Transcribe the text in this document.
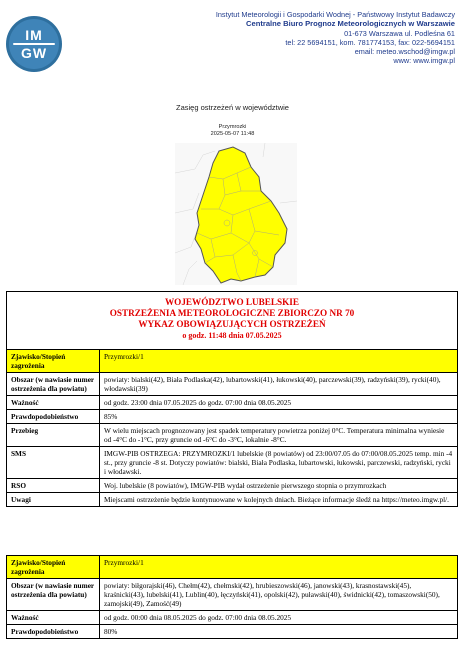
IM
GW
Instytut Meteorologii i Gospodarki Wodnej - Państwowy Instytut Badawczy
Centralne Biuro Prognoz Meteorologicznych w Warszawie
01-673 Warszawa ul. Podleśna 61
tel: 22 5694151, kom. 781774153, fax: 022-5694151
email: meteo.wschod@imgw.pl
www: www.imgw.pl
Zasięg ostrzeżeń w województwie
Przymrozki
2025-05-07 11:48
WOJEWÓDZTWO LUBELSKIE
OSTRZEŻENIA METEOROLOGICZNE ZBIORCZO NR 70
WYKAZ OBOWIĄZUJĄCYCH OSTRZEŻEŃ
o godz. 11:48 dnia 07.05.2025
Zjawisko/Stopień zagrożenia	Przymrozki/1
Obszar (w nawiasie numer ostrzeżenia dla powiatu)	powiaty: bialski(42), Biała Podlaska(42), lubartowski(41), łukowski(40), parczewski(39), radzyński(39), rycki(40), włodawski(39)
Ważność	od godz. 23:00 dnia 07.05.2025 do godz. 07:00 dnia 08.05.2025
Prawdopodobieństwo	85%
Przebieg	W wielu miejscach prognozowany jest spadek temperatury powietrza poniżej 0°C. Temperatura minimalna wyniesie od -4°C do -1°C, przy gruncie od -6°C do -3°C, lokalnie -8°C.
SMS	IMGW-PIB OSTRZEGA: PRZYMROZKI/1 lubelskie (8 powiatów) od 23:00/07.05 do 07:00/08.05.2025 temp. min -4 st., przy gruncie -8 st. Dotyczy powiatów: bialski, Biała Podlaska, lubartowski, łukowski, parczewski, radzyński, rycki i włodawski.
RSO	Woj. lubelskie (8 powiatów), IMGW-PIB wydał ostrzeżenie pierwszego stopnia o przymrozkach
Uwagi	Miejscami ostrzeżenie będzie kontynuowane w kolejnych dniach. Bieżące informacje śledź na https://meteo.imgw.pl/.
Zjawisko/Stopień zagrożenia	Przymrozki/1
Obszar (w nawiasie numer ostrzeżenia dla powiatu)	powiaty: biłgorajski(46), Chełm(42), chełmski(42), hrubieszowski(46), janowski(43), krasnostawski(45), kraśnicki(43), lubelski(41), Lublin(40), łęczyński(41), opolski(42), puławski(40), świdnicki(42), tomaszowski(50), zamojski(49), Zamość(49)
Ważność	od godz. 00:00 dnia 08.05.2025 do godz. 07:00 dnia 08.05.2025
Prawdopodobieństwo	80%
